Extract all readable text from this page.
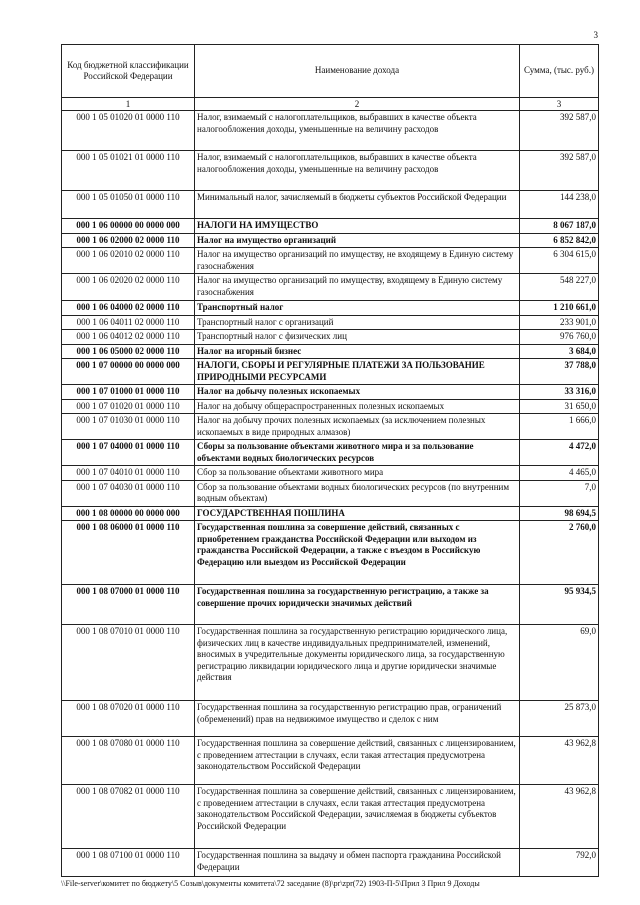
3
Код бюджетной классификации Российской Федерации	Наименование дохода	Сумма, (тыс. руб.)
1	2	3
000 1 05 01020 01 0000 110	Налог, взимаемый с налогоплательщиков, выбравших в качестве объекта налогообложения доходы, уменьшенные на величину расходов	392 587,0
000 1 05 01021 01 0000 110	Налог, взимаемый с налогоплательщиков, выбравших в качестве объекта налогообложения доходы, уменьшенные на величину расходов	392 587,0
000 1 05 01050 01 0000 110	Минимальный налог, зачисляемый в бюджеты субъектов Российской Федерации	144 238,0
000 1 06 00000 00 0000 000	НАЛОГИ НА ИМУЩЕСТВО	8 067 187,0
000 1 06 02000 02 0000 110	Налог на имущество организаций	6 852 842,0
000 1 06 02010 02 0000 110	Налог на имущество организаций по имуществу, не входящему в Единую систему газоснабжения	6 304 615,0
000 1 06 02020 02 0000 110	Налог на имущество организаций по имуществу, входящему в Единую систему газоснабжения	548 227,0
000 1 06 04000 02 0000 110	Транспортный налог	1 210 661,0
000 1 06 04011 02 0000 110	Транспортный налог с организаций	233 901,0
000 1 06 04012 02 0000 110	Транспортный налог с физических лиц	976 760,0
000 1 06 05000 02 0000 110	Налог на игорный бизнес	3 684,0
000 1 07 00000 00 0000 000	НАЛОГИ, СБОРЫ И РЕГУЛЯРНЫЕ ПЛАТЕЖИ ЗА ПОЛЬЗОВАНИЕ ПРИРОДНЫМИ РЕСУРСАМИ	37 788,0
000 1 07 01000 01 0000 110	Налог на добычу полезных ископаемых	33 316,0
000 1 07 01020 01 0000 110	Налог на добычу общераспространенных полезных ископаемых	31 650,0
000 1 07 01030 01 0000 110	Налог на добычу прочих полезных ископаемых (за исключением полезных ископаемых в виде природных алмазов)	1 666,0
000 1 07 04000 01 0000 110	Сборы за пользование объектами животного мира и за пользование объектами водных биологических ресурсов	4 472,0
000 1 07 04010 01 0000 110	Сбор за пользование объектами животного мира	4 465,0
000 1 07 04030 01 0000 110	Сбор за пользование объектами водных биологических ресурсов (по внутренним водным объектам)	7,0
000 1 08 00000 00 0000 000	ГОСУДАРСТВЕННАЯ ПОШЛИНА	98 694,5
000 1 08 06000 01 0000 110	Государственная пошлина за совершение действий, связанных с приобретением гражданства Российской Федерации или выходом из гражданства Российской Федерации, а также с въездом в Российскую Федерацию или выездом из Российской Федерации	2 760,0
000 1 08 07000 01 0000 110	Государственная пошлина за государственную регистрацию, а также за совершение прочих юридически значимых действий	95 934,5
000 1 08 07010 01 0000 110	Государственная пошлина за государственную регистрацию юридического лица, физических лиц в качестве индивидуальных предпринимателей, изменений, вносимых в учредительные документы юридического лица, за государственную регистрацию ликвидации юридического лица и другие юридически значимые действия	69,0
000 1 08 07020 01 0000 110	Государственная пошлина за государственную регистрацию прав, ограничений (обременений) прав на недвижимое имущество и сделок с ним	25 873,0
000 1 08 07080 01 0000 110	Государственная пошлина за совершение действий, связанных с лицензированием, с проведением аттестации в случаях, если такая аттестация предусмотрена законодательством Российской Федерации	43 962,8
000 1 08 07082 01 0000 110	Государственная пошлина за совершение действий, связанных с лицензированием, с проведением аттестации в случаях, если такая аттестация предусмотрена законодательством Российской Федерации, зачисляемая в бюджеты субъектов Российской Федерации	43 962,8
000 1 08 07100 01 0000 110	Государственная пошлина за выдачу и обмен паспорта гражданина Российской Федерации	792,0
\\File-server\комитет по бюджету\5 Созыв\документы комитета\72 заседание (8)\pr\zpr(72) 1903-П-5\Прил 3 Прил 9 Доходы
